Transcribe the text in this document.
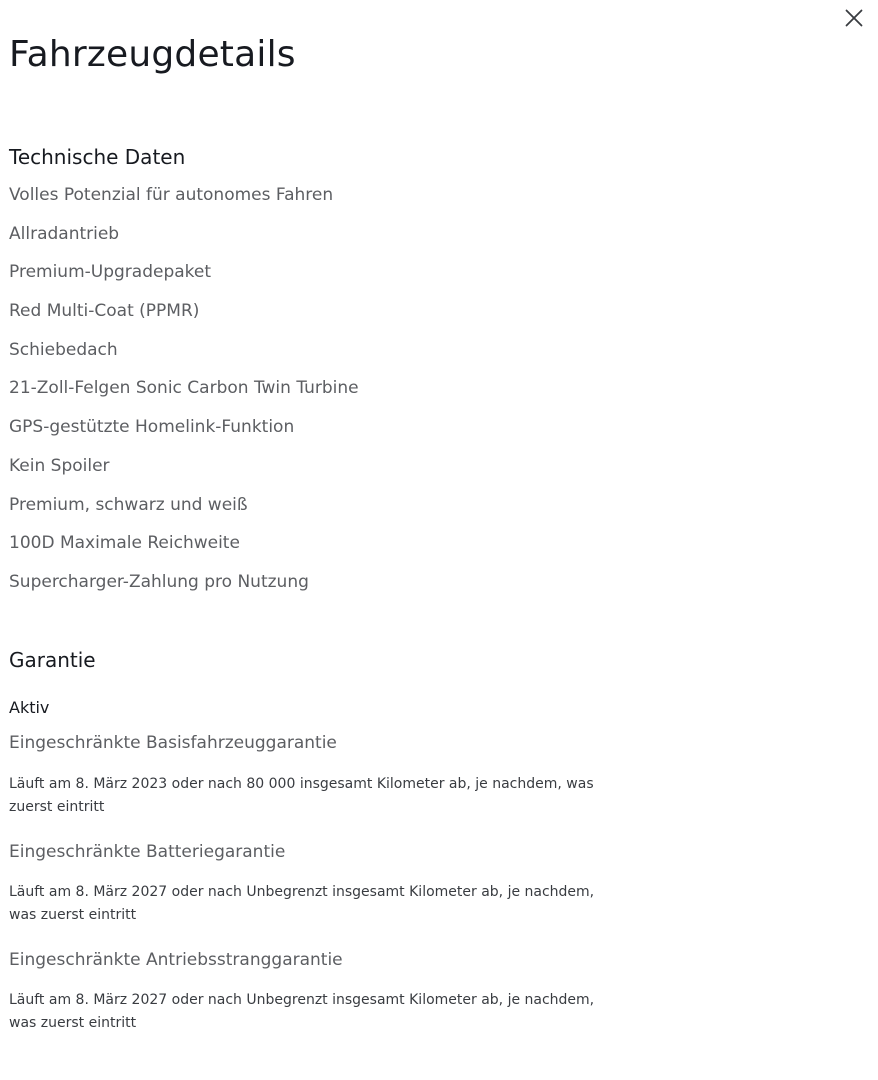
Fahrzeugdetails
Technische Daten
Volles Potenzial für autonomes Fahren
Allradantrieb
Premium-Upgradepaket
Red Multi-Coat (PPMR)
Schiebedach
21-Zoll-Felgen Sonic Carbon Twin Turbine
GPS-gestützte Homelink-Funktion
Kein Spoiler
Premium, schwarz und weiß
100D Maximale Reichweite
Supercharger-Zahlung pro Nutzung
Garantie
Aktiv
Eingeschränkte Basisfahrzeuggarantie
Läuft am 8. März 2023 oder nach 80 000 insgesamt Kilometer ab, je nachdem, was zuerst eintritt
Eingeschränkte Batteriegarantie
Läuft am 8. März 2027 oder nach Unbegrenzt insgesamt Kilometer ab, je nachdem, was zuerst eintritt
Eingeschränkte Antriebsstranggarantie
Läuft am 8. März 2027 oder nach Unbegrenzt insgesamt Kilometer ab, je nachdem, was zuerst eintritt
